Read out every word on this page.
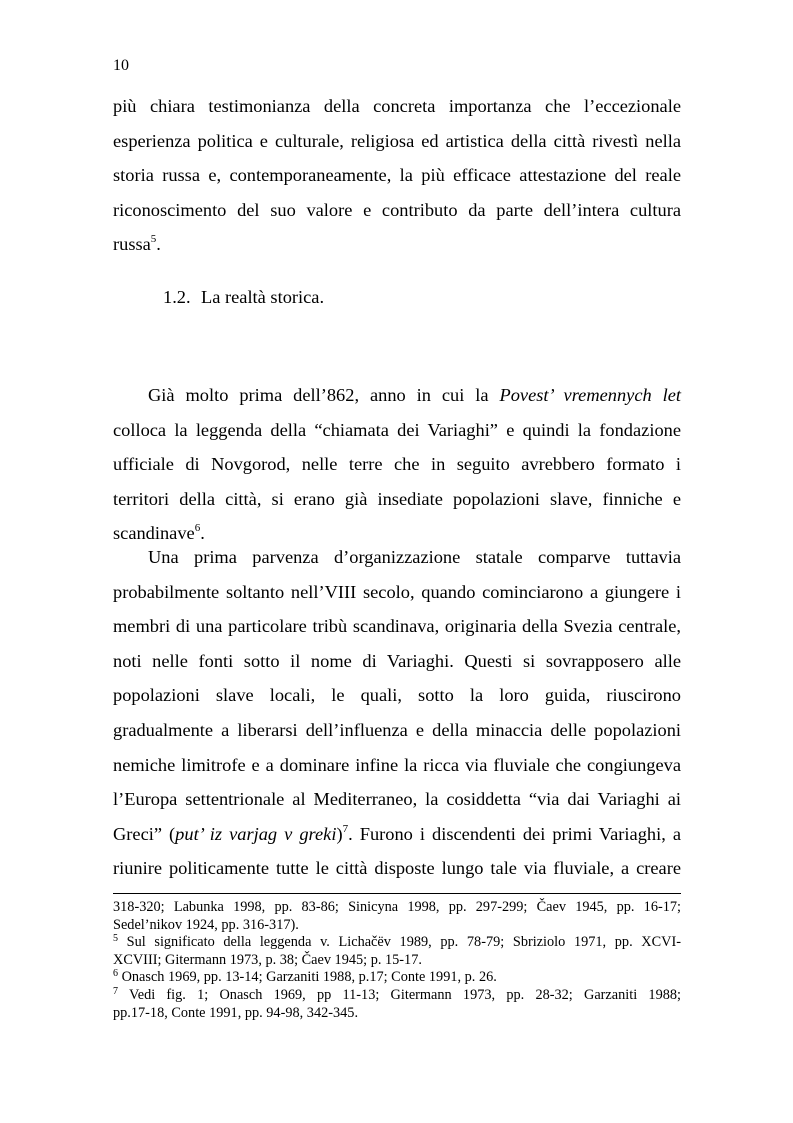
10
più chiara testimonianza della concreta importanza che l’eccezionale
esperienza politica e culturale, religiosa ed artistica della città rivestì nella
storia russa e, contemporaneamente, la più efficace attestazione del reale
riconoscimento del suo valore e contributo da parte dell’intera cultura
russa$^5$.
1.2. La realtà storica.
Già molto prima dell’862, anno in cui la Povest’ vremennych let
colloca la leggenda della “chiamata dei Variaghi” e quindi la fondazione
ufficiale di Novgorod, nelle terre che in seguito avrebbero formato i
territori della città, si erano già insediate popolazioni slave, finniche e
scandinave$^6$.
Una prima parvenza d’organizzazione statale comparve tuttavia
probabilmente soltanto nell’VIII secolo, quando cominciarono a giungere i
membri di una particolare tribù scandinava, originaria della Svezia centrale,
noti nelle fonti sotto il nome di Variaghi. Questi si sovrapposero alle
popolazioni slave locali, le quali, sotto la loro guida, riuscirono
gradualmente a liberarsi dell’influenza e della minaccia delle popolazioni
nemiche limitrofe e a dominare infine la ricca via fluviale che congiungeva
l’Europa settentrionale al Mediterraneo, la cosiddetta “via dai Variaghi ai
Greci” (put’ iz varjag v greki)$^7$. Furono i discendenti dei primi Variaghi, a
riunire politicamente tutte le città disposte lungo tale via fluviale, a creare
318-320; Labunka 1998, pp. 83-86; Sinicyna 1998, pp. 297-299; Čaev 1945, pp. 16-17;
Sedel’nikov 1924, pp. 316-317).
$^5$ Sul significato della leggenda v. Lichačёv 1989, pp. 78-79; Sbriziolo 1971, pp. XCVI-
XCVIII; Gitermann 1973, p. 38; Čaev 1945; p. 15-17.
$^6$ Onasch 1969, pp. 13-14; Garzaniti 1988, p.17; Conte 1991, p. 26.
$^7$ Vedi fig. 1; Onasch 1969, pp 11-13; Gitermann 1973, pp. 28-32; Garzaniti 1988;
pp.17-18, Conte 1991, pp. 94-98, 342-345.
